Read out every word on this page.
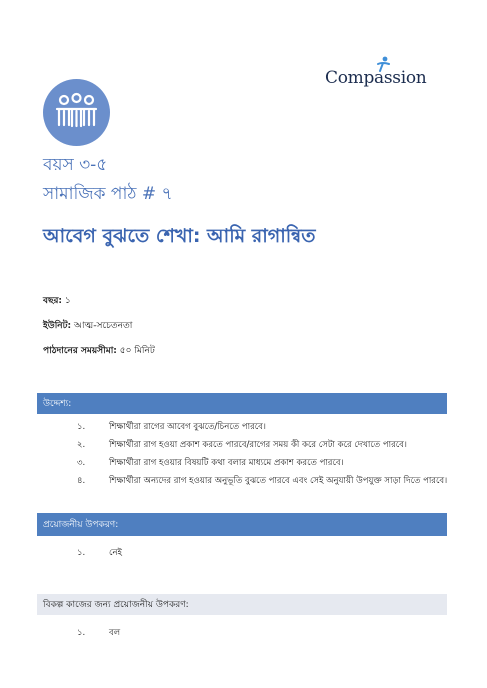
Compassion
বয়স ৩-৫
সামাজিক পাঠ # ৭
আবেগ বুঝতে শেখা: আমি রাগান্বিত
বছর: ১
ইউনিট: আত্ম-সচেতনতা
পাঠদানের সময়সীমা: ৫০ মিনিট
উদ্দেশ্য:
১.	শিক্ষার্থীরা রাগের আবেগ বুঝতে/চিনতে পারবে।
২.	শিক্ষার্থীরা রাগ হওয়া প্রকাশ করতে পারবে/রাগের সময় কী করে সেটা করে দেখাতে পারবে।
৩.	শিক্ষার্থীরা রাগ হওয়ার বিষয়টি কথা বলার মাধ্যমে প্রকাশ করতে পারবে।
৪.	শিক্ষার্থীরা অন্যদের রাগ হওয়ার অনুভূতি বুঝতে পারবে এবং সেই অনুযায়ী উপযুক্ত সাড়া দিতে পারবে।
প্রয়োজনীয় উপকরণ:
১.	নেই
বিকল্প কাজের জন্য প্রয়োজনীয় উপকরণ:
১.	বল
